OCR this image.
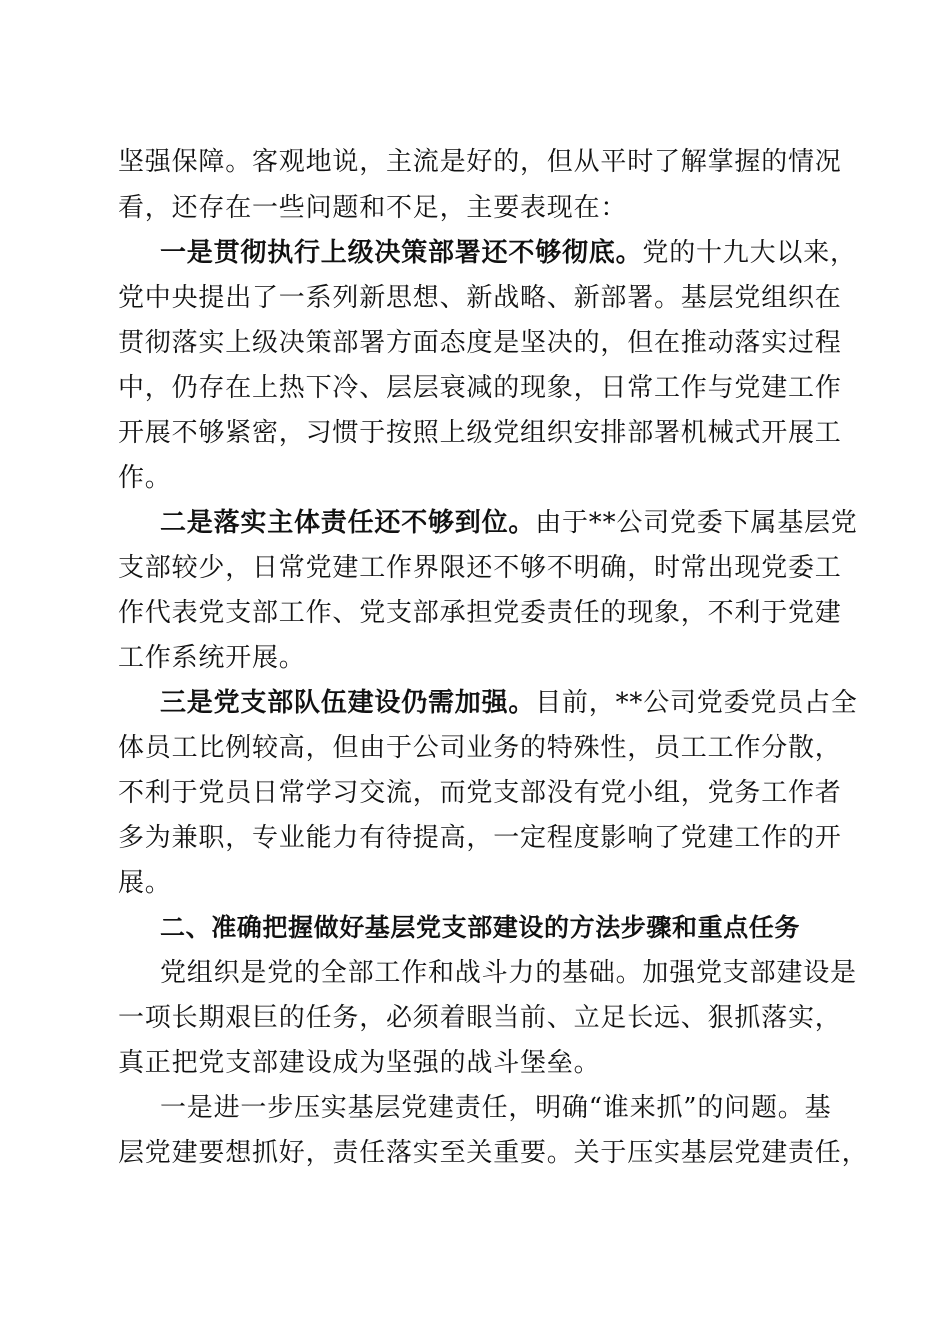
坚强保障。客观地说，主流是好的，但从平时了解掌握的情况
看，还存在一些问题和不足，主要表现在：
一是贯彻执行上级决策部署还不够彻底。党的十九大以来，
党中央提出了一系列新思想、新战略、新部署。基层党组织在
贯彻落实上级决策部署方面态度是坚决的，但在推动落实过程
中，仍存在上热下冷、层层衰减的现象，日常工作与党建工作
开展不够紧密，习惯于按照上级党组织安排部署机械式开展工
作。
二是落实主体责任还不够到位。由于**公司党委下属基层党
支部较少，日常党建工作界限还不够不明确，时常出现党委工
作代表党支部工作、党支部承担党委责任的现象，不利于党建
工作系统开展。
三是党支部队伍建设仍需加强。目前，**公司党委党员占全
体员工比例较高，但由于公司业务的特殊性，员工工作分散，
不利于党员日常学习交流，而党支部没有党小组，党务工作者
多为兼职，专业能力有待提高，一定程度影响了党建工作的开
展。
二、准确把握做好基层党支部建设的方法步骤和重点任务
党组织是党的全部工作和战斗力的基础。加强党支部建设是
一项长期艰巨的任务，必须着眼当前、立足长远、狠抓落实，
真正把党支部建设成为坚强的战斗堡垒。
一是进一步压实基层党建责任，明确“谁来抓”的问题。基
层党建要想抓好，责任落实至关重要。关于压实基层党建责任，
